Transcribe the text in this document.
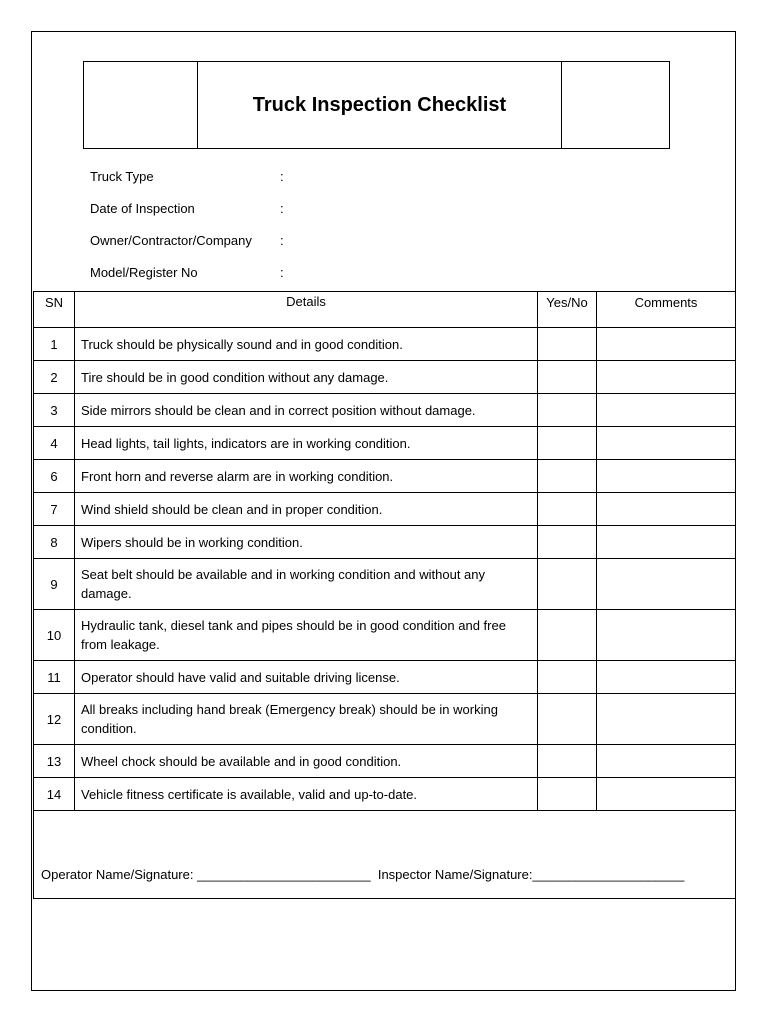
Truck Inspection Checklist
Truck Type	:
Date of Inspection	:
Owner/Contractor/Company	:
Model/Register No	:
SN	Details	Yes/No	Comments
1	Truck should be physically sound and in good condition.		
2	Tire should be in good condition without any damage.		
3	Side mirrors should be clean and in correct position without damage.		
4	Head lights, tail lights, indicators are in working condition.		
6	Front horn and reverse alarm are in working condition.		
7	Wind shield should be clean and in proper condition.		
8	Wipers should be in working condition.		
9	Seat belt should be available and in working condition and without any damage.		
10	Hydraulic tank, diesel tank and pipes should be in good condition and free from leakage.		
11	Operator should have valid and suitable driving license.		
12	All breaks including hand break (Emergency break) should be in working condition.		
13	Wheel chock should be available and in good condition.		
14	Vehicle fitness certificate is available, valid and up-to-date.		
Operator Name/Signature: ________________________ Inspector Name/Signature:_____________________
